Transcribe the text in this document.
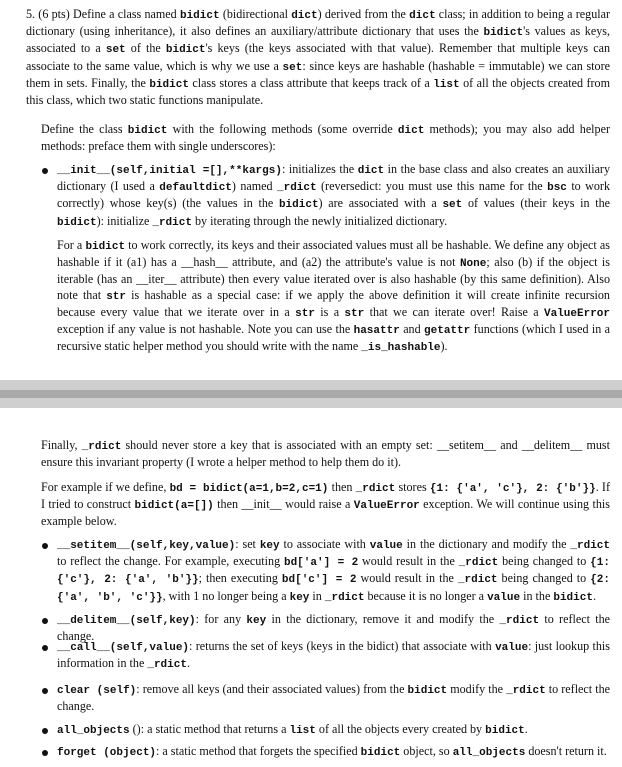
5. (6 pts) Define a class named bidict (bidirectional dict) derived from the dict class; in addition to being a regular dictionary (using inheritance), it also defines an auxiliary/attribute dictionary that uses the bidict's values as keys, associated to a set of the bidict's keys (the keys associated with that value). Remember that multiple keys can associate to the same value, which is why we use a set: since keys are hashable (hashable = immutable) we can store them in sets. Finally, the bidict class stores a class attribute that keeps track of a list of all the objects created from this class, which two static functions manipulate.

Define the class bidict with the following methods (some override dict methods); you may also add helper methods: preface them with single underscores):

__init__(self,initial =[],**kargs): initializes the dict in the base class and also creates an auxiliary dictionary (I used a defaultdict) named _rdict (reversedict: you must use this name for the bsc to work correctly) whose key(s) (the values in the bidict) are associated with a set of values (their keys in the bidict): initialize _rdict by iterating through the newly initialized dictionary.

For a bidict to work correctly, its keys and their associated values must all be hashable. We define any object as hashable if it (a1) has a __hash__ attribute, and (a2) the attribute's value is not None; also (b) if the object is iterable (has an __iter__ attribute) then every value iterated over is also hashable (by this same definition). Also note that str is hashable as a special case: if we apply the above definition it will create infinite recursion because every value that we iterate over in a str is a str that we can iterate over! Raise a ValueError exception if any value is not hashable. Note you can use the hasattr and getattr functions (which I used in a recursive static helper method you should write with the name _is_hashable).

Finally, _rdict should never store a key that is associated with an empty set: __setitem__ and __delitem__ must ensure this invariant property (I wrote a helper method to help them do it).

For example if we define, bd = bidict(a=1,b=2,c=1) then _rdict stores {1: {'a', 'c'}, 2: {'b'}}. If I tried to construct bidict(a=[]) then __init__ would raise a ValueError exception. We will continue using this example below.

__setitem__(self,key,value): set key to associate with value in the dictionary and modify the _rdict to reflect the change. For example, executing bd['a'] = 2 would result in the _rdict being changed to {1: {'c'}, 2: {'a', 'b'}}; then executing bd['c'] = 2 would result in the _rdict being changed to {2: {'a', 'b', 'c'}}, with 1 no longer being a key in _rdict because it is no longer a value in the bidict.

__delitem__(self,key): for any key in the dictionary, remove it and modify the _rdict to reflect the change.

__call__(self,value): returns the set of keys (keys in the bidict) that associate with value: just lookup this information in the _rdict.

clear (self): remove all keys (and their associated values) from the bidict modify the _rdict to reflect the change.

all_objects (): a static method that returns a list of all the objects every created by bidict.

forget (object): a static method that forgets the specified bidict object, so all_objects doesn't return it.
